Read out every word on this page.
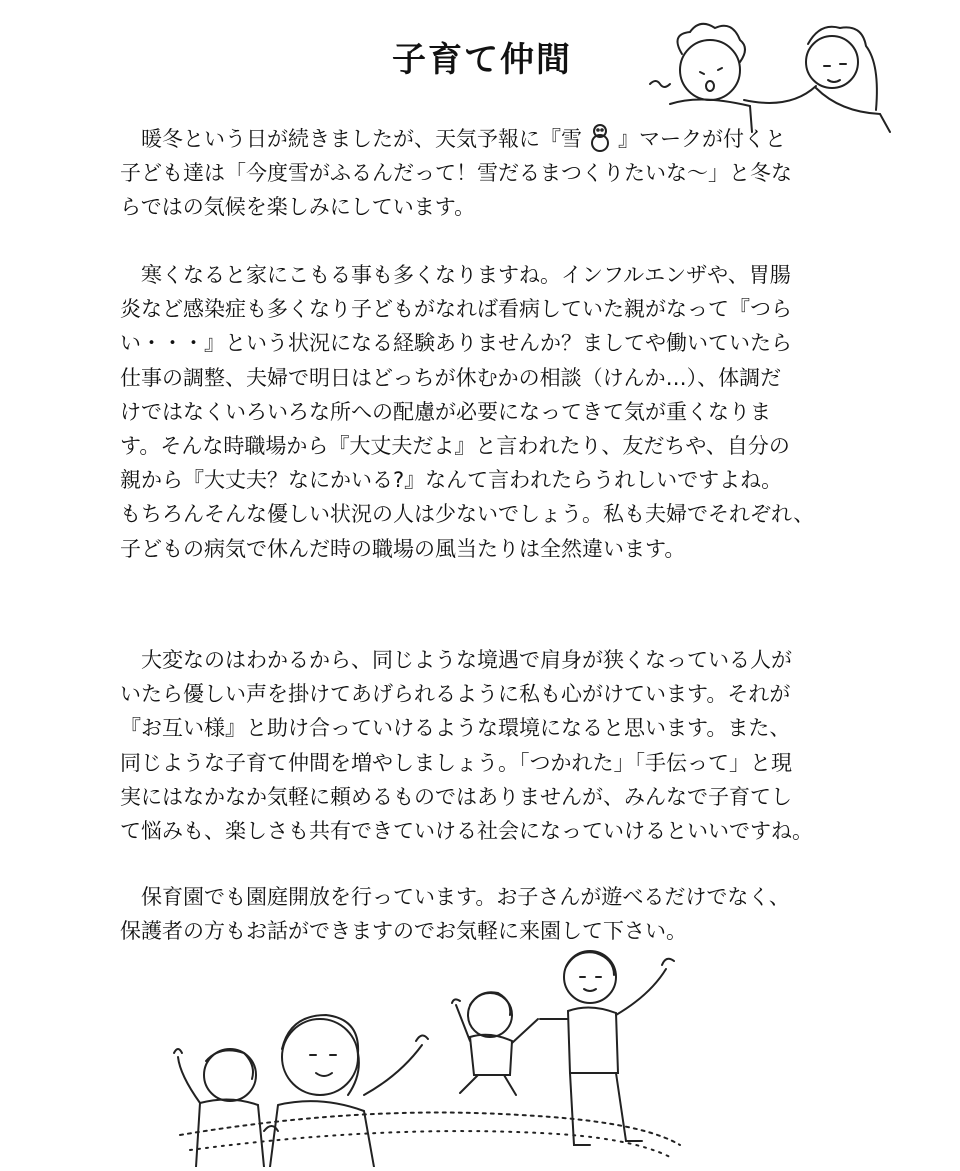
子育て仲間
　暖冬という日が続きましたが、天気予報に『雪 』マークが付くと
子ども達は「今度雪がふるんだって！雪だるまつくりたいな～」と冬な
らではの気候を楽しみにしています。
　寒くなると家にこもる事も多くなりますね。インフルエンザや、胃腸
炎など感染症も多くなり子どもがなれば看病していた親がなって『つら
い・・・』という状況になる経験ありませんか？ましてや働いていたら
仕事の調整、夫婦で明日はどっちが休むかの相談（けんか…）、体調だ
けではなくいろいろな所への配慮が必要になってきて気が重くなりま
す。そんな時職場から『大丈夫だよ』と言われたり、友だちや、自分の
親から『大丈夫？なにかいる?』なんて言われたらうれしいですよね。
もちろんそんな優しい状況の人は少ないでしょう。私も夫婦でそれぞれ、
子どもの病気で休んだ時の職場の風当たりは全然違います。
　大変なのはわかるから、同じような境遇で肩身が狭くなっている人が
いたら優しい声を掛けてあげられるように私も心がけています。それが
『お互い様』と助け合っていけるような環境になると思います。また、
同じような子育て仲間を増やしましょう。「つかれた」「手伝って」と現
実にはなかなか気軽に頼めるものではありませんが、みんなで子育てし
て悩みも、楽しさも共有できていける社会になっていけるといいですね。
　保育園でも園庭開放を行っています。お子さんが遊べるだけでなく、
保護者の方もお話ができますのでお気軽に来園して下さい。
